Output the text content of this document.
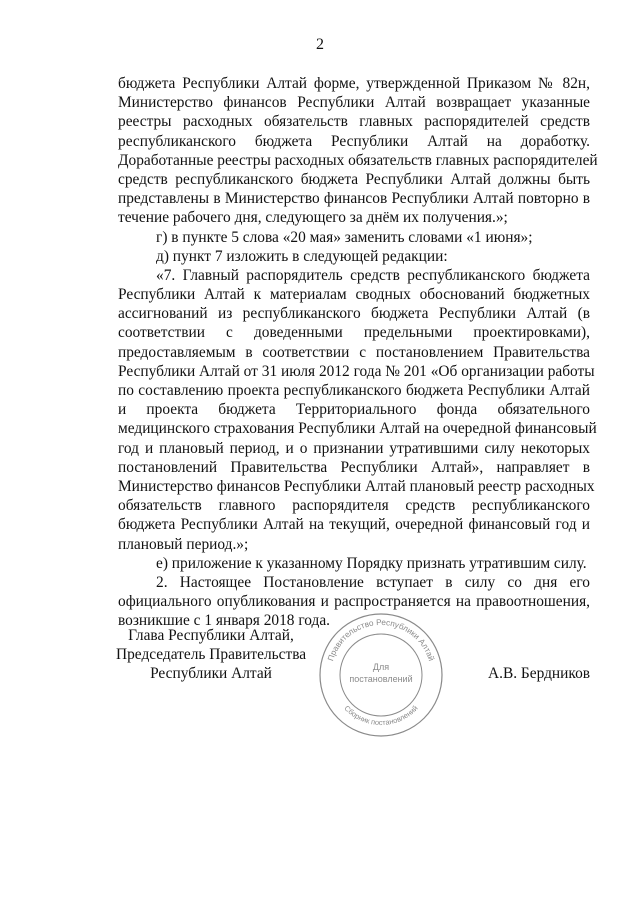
2
бюджета Республики Алтай форме, утвержденной Приказом № 82н,
Министерство финансов Республики Алтай возвращает указанные
реестры расходных обязательств главных распорядителей средств
республиканского бюджета Республики Алтай на доработку.
Доработанные реестры расходных обязательств главных распорядителей
средств республиканского бюджета Республики Алтай должны быть
представлены в Министерство финансов Республики Алтай повторно в
течение рабочего дня, следующего за днём их получения.»;
г) в пункте 5 слова «20 мая» заменить словами «1 июня»;
д) пункт 7 изложить в следующей редакции:
«7. Главный распорядитель средств республиканского бюджета
Республики Алтай к материалам сводных обоснований бюджетных
ассигнований из республиканского бюджета Республики Алтай (в
соответствии с доведенными предельными проектировками),
предоставляемым в соответствии с постановлением Правительства
Республики Алтай от 31 июля 2012 года № 201 «Об организации работы
по составлению проекта республиканского бюджета Республики Алтай
и проекта бюджета Территориального фонда обязательного
медицинского страхования Республики Алтай на очередной финансовый
год и плановый период, и о признании утратившими силу некоторых
постановлений Правительства Республики Алтай», направляет в
Министерство финансов Республики Алтай плановый реестр расходных
обязательств главного распорядителя средств республиканского
бюджета Республики Алтай на текущий, очередной финансовый год и
плановый период.»;
е) приложение к указанному Порядку признать утратившим силу.
2. Настоящее Постановление вступает в силу со дня его
официального опубликования и распространяется на правоотношения,
возникшие с 1 января 2018 года.
Глава Республики Алтай,
Председатель Правительства
Республики Алтай	А.В. Бердников
Правительство Республики Алтай
Сборник постановлений
Для
постановлений
